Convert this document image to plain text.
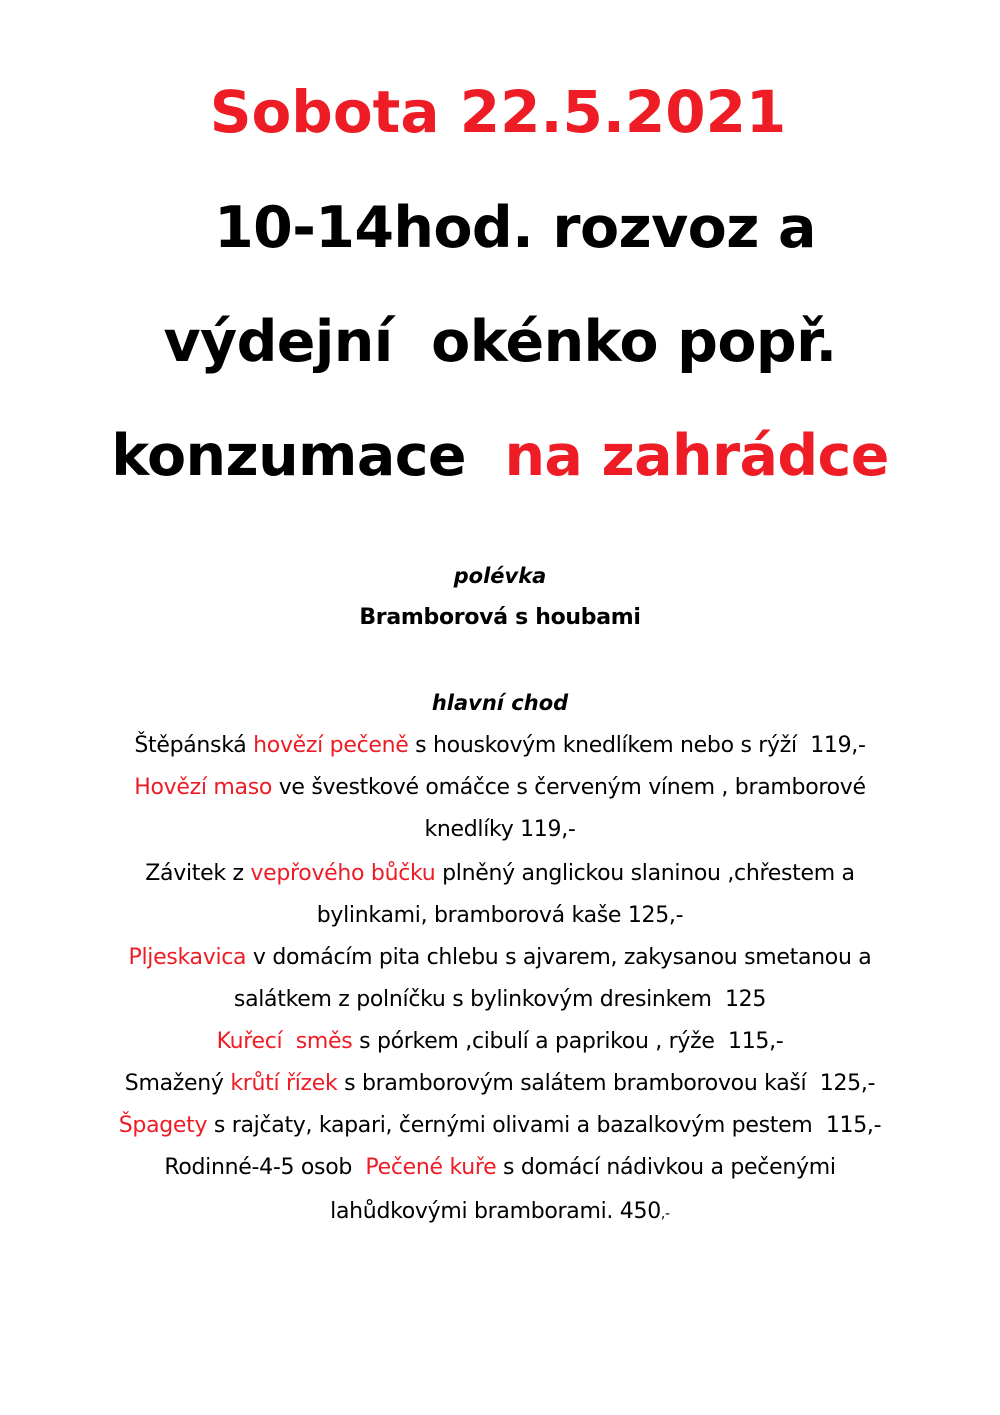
Sobota 22.5.2021
10-14hod. rozvoz a
výdejní  okénko popř.
konzumace  na zahrádce
polévka
Bramborová s houbami
hlavní chod
Štěpánská hovězí pečeně s houskovým knedlíkem nebo s rýží  119,-
Hovězí maso ve švestkové omáčce s červeným vínem , bramborové
knedlíky 119,-
Závitek z vepřového bůčku plněný anglickou slaninou ,chřestem a
bylinkami, bramborová kaše 125,-
Pljeskavica v domácím pita chlebu s ajvarem, zakysanou smetanou a
salátkem z polníčku s bylinkovým dresinkem  125
Kuřecí  směs s pórkem ,cibulí a paprikou , rýže  115,-
Smažený krůtí řízek s bramborovým salátem bramborovou kaší  125,-
Špagety s rajčaty, kapari, černými olivami a bazalkovým pestem  115,-
Rodinné-4-5 osob  Pečené kuře s domácí nádivkou a pečenými
lahůdkovými bramborami. 450,-
